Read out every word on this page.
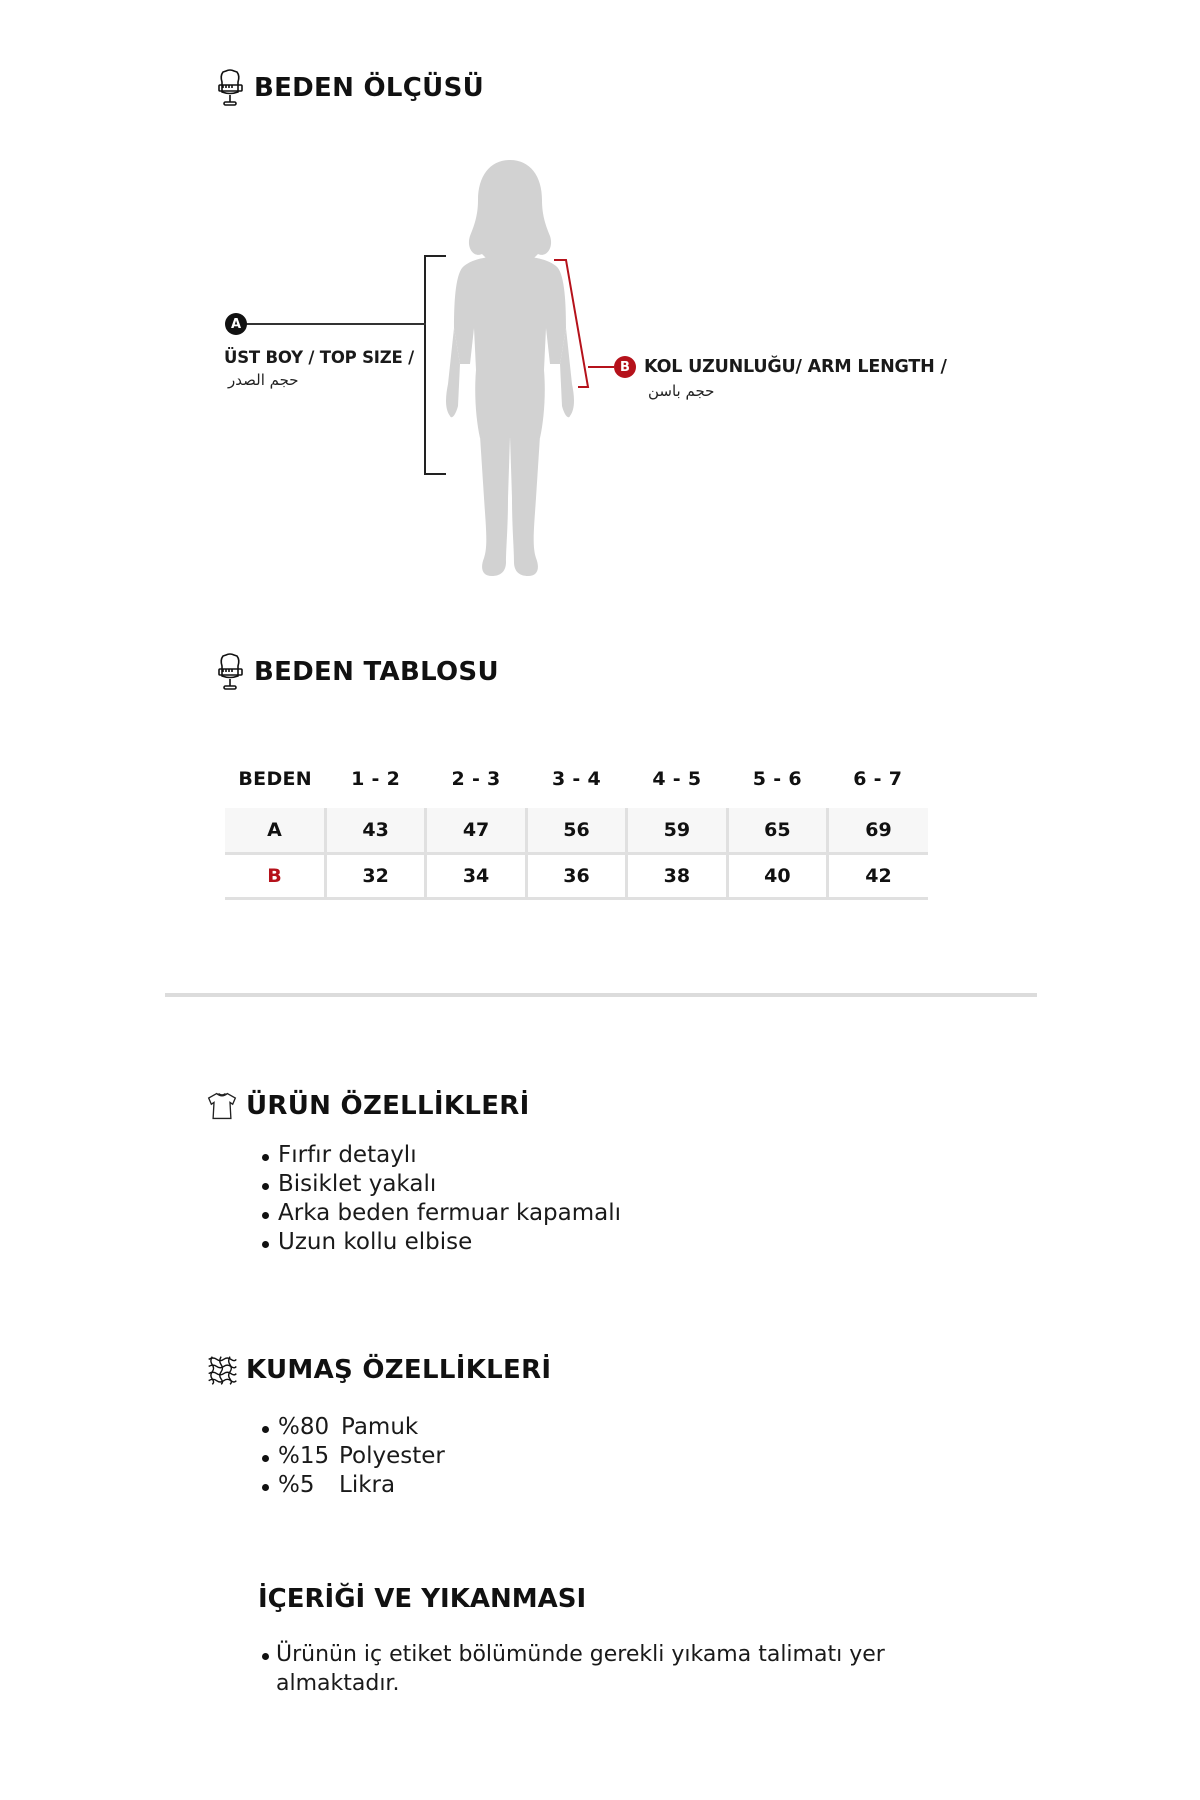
BEDEN ÖLÇÜSÜ
A
ÜST BOY / TOP SIZE /
حجم الصدر
B KOL UZUNLUĞU/ ARM LENGTH /
حجم باسن
BEDEN TABLOSU
BEDEN	1 - 2	2 - 3	3 - 4	4 - 5	5 - 6	6 - 7
A	43	47	56	59	65	69
B	32	34	36	38	40	42
ÜRÜN ÖZELLİKLERİ
Fırfır detaylı
Bisiklet yakalı
Arka beden fermuar kapamalı
Uzun kollu elbise
KUMAŞ ÖZELLİKLERİ
%80 Pamuk
%15 Polyester
%5 Likra
İÇERİĞİ VE YIKANMASI
Ürünün iç etiket bölümünde gerekli yıkama talimatı yer almaktadır.
